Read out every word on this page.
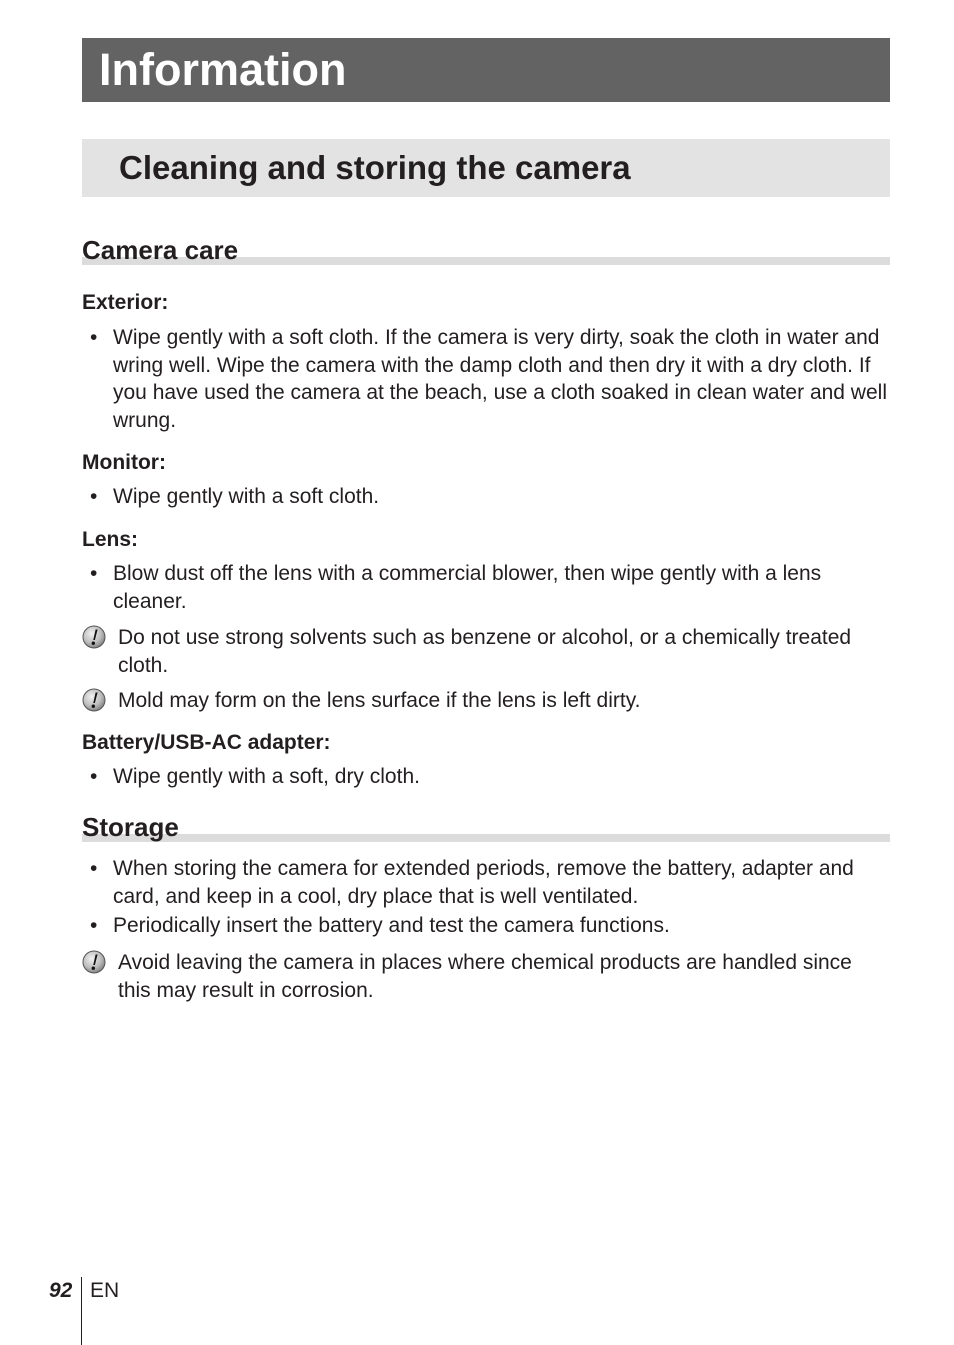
Information
Cleaning and storing the camera
Camera care
Exterior:
• Wipe gently with a soft cloth. If the camera is very dirty, soak the cloth in water and wring well. Wipe the camera with the damp cloth and then dry it with a dry cloth. If you have used the camera at the beach, use a cloth soaked in clean water and well wrung.
Monitor:
• Wipe gently with a soft cloth.
Lens:
• Blow dust off the lens with a commercial blower, then wipe gently with a lens cleaner.
Do not use strong solvents such as benzene or alcohol, or a chemically treated cloth.
Mold may form on the lens surface if the lens is left dirty.
Battery/USB-AC adapter:
• Wipe gently with a soft, dry cloth.
Storage
• When storing the camera for extended periods, remove the battery, adapter and card, and keep in a cool, dry place that is well ventilated.
• Periodically insert the battery and test the camera functions.
Avoid leaving the camera in places where chemical products are handled since this may result in corrosion.
92 EN
